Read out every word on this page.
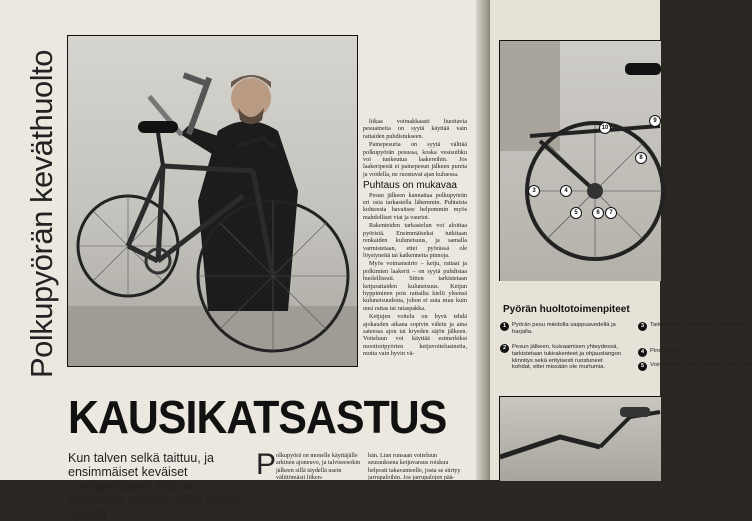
Polkupyörän keväthuolto	liikaa voimakkaasti liuottavia pesuaineita on syytä käyttää vain rattaiden puhdistukseen.

Painepesuria on syytä välttää polkupyörän pesussa, koska vesisuihku voi tunkeutua laakereihin. Jos laakeripesiä ei painepesun jälkeen pureta ja voidella, ne ruostuvat ajan kuluessa.

Puhtaus on mukavaa

Pesun jälkeen kannattaa polkupyörän eri osia tarkastella lähemmin. Puhtaista kohteesta havaitsee helpommin myös mahdolliset viat ja vauriot.

Rakenteiden tarkastelun voi aloittaa pyöristä. Ensimmäiseksi tutkitaan renkaiden kuluneisuus, ja samalla varmistetaan, ettei pyörässä ole löystyneitä tai katkenneita pinnoja.

Myös voimansiirto – ketju, rattaat ja polkimien laakerit – on syytä puhdistaa huolellisesti. Sitten tarkistetaan ketjurattaiden kuluneisuus. Ketjun hyppiminen pois rattailta kielii yleensä kuluneisuudesta, johon ei auta muu kuin uusi rattas tai rataspakka.

Ketjujen voitelu on hyvä tehdä ajokauden aikana sopivin välein ja aina sateessa ajon tai kryeden säjön jälkeen. Voiteluun voi käyttää esimerkiksi moottoripyörien ketjuvoiteluainetta, mutta vain hyvin vä-

KAUSIKATSASTUS
Kun talven selkä taittuu, ja ensimmäiset keväiset auringonsäteet alkavat lämmittää, mieleen hiipii ajatus syvistä
P olkupyörä on monelle käyttäjälle arkinen ajoneuvo, ja talviseesokin jälkeen sillä täydellä usein välittömästi liiken-
hän. Lian runsaan voiteluun seurauksena ketjuvaraus roiskuu helposti takavanteelle, josta se siirtyy jarrupaloihin. Jos jarrupalojen pää-
10
9
8
3	4
5	6	7
Pyörän huoltotoimenpiteet
1	Pyörän pesu miedolla saippuavedellä ja harjalla.
2	Pesun jälkeen, kuivaamisen yhteydessä, tarkistetaan tukirakenteet ja ohjaustangon kiinnitys sekä erityisesti ruostuneet kohdat, ettei missään ole murtumia.
3	Tarkistetaan pintakovien rengaspaine
4	Pinnojen tar
5	Voimansiirro rattaat) tarkk ( Myös ajoke
